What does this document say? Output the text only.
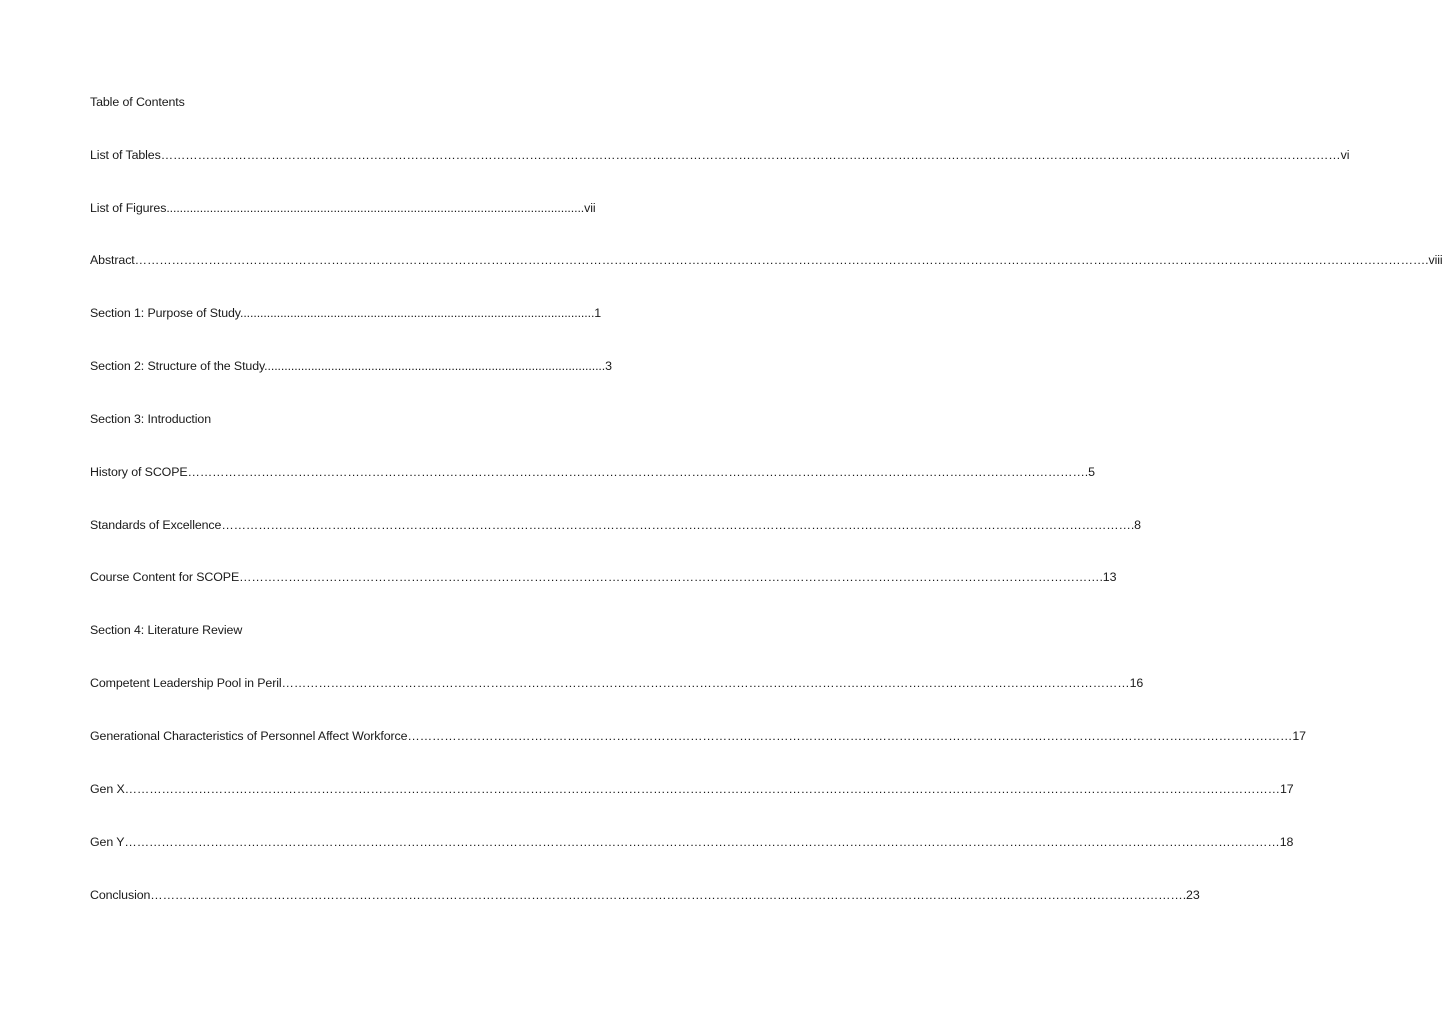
Table of Contents
List of Tables………………………………………………………………………………………………………………………………………………………………………………………………………………………………………………………………vi
List of Figures.............................................................................................................................vii
Abstract……………………………………………………………………………………………………………………………………………………………………………………………………………………………………………………………………………………….viii
Section 1: Purpose of Study..........................................................................................................1
Section 2: Structure of the Study......................................................................................................3
Section 3: Introduction
History of SCOPE………………………………………………………………………………………………………………………………………………………………………………………………….5
Standards of Excellence…………………………………………………………………………………………………………………………………………………………………………………………………….8
Course Content for SCOPE………………………………………………………………………………………………………………………………………………………………………………………….13
Section 4: Literature Review
Competent Leadership Pool in Peril………………………………………………………………………………………………………………………………………………………………………………………16
Generational Characteristics of Personnel Affect Workforce………………………………………………………………………………………………………………………………………………………………………………………………17
Gen X…………………………………………………………………………………………………………………………………………………………………………………………………………………………………………………………17
Gen Y…………………………………………………………………………………………………………………………………………………………………………………………………………………………………………………………18
Conclusion……………………………………………………………………………………………………………………………………………………………………………………………………………………………….23
